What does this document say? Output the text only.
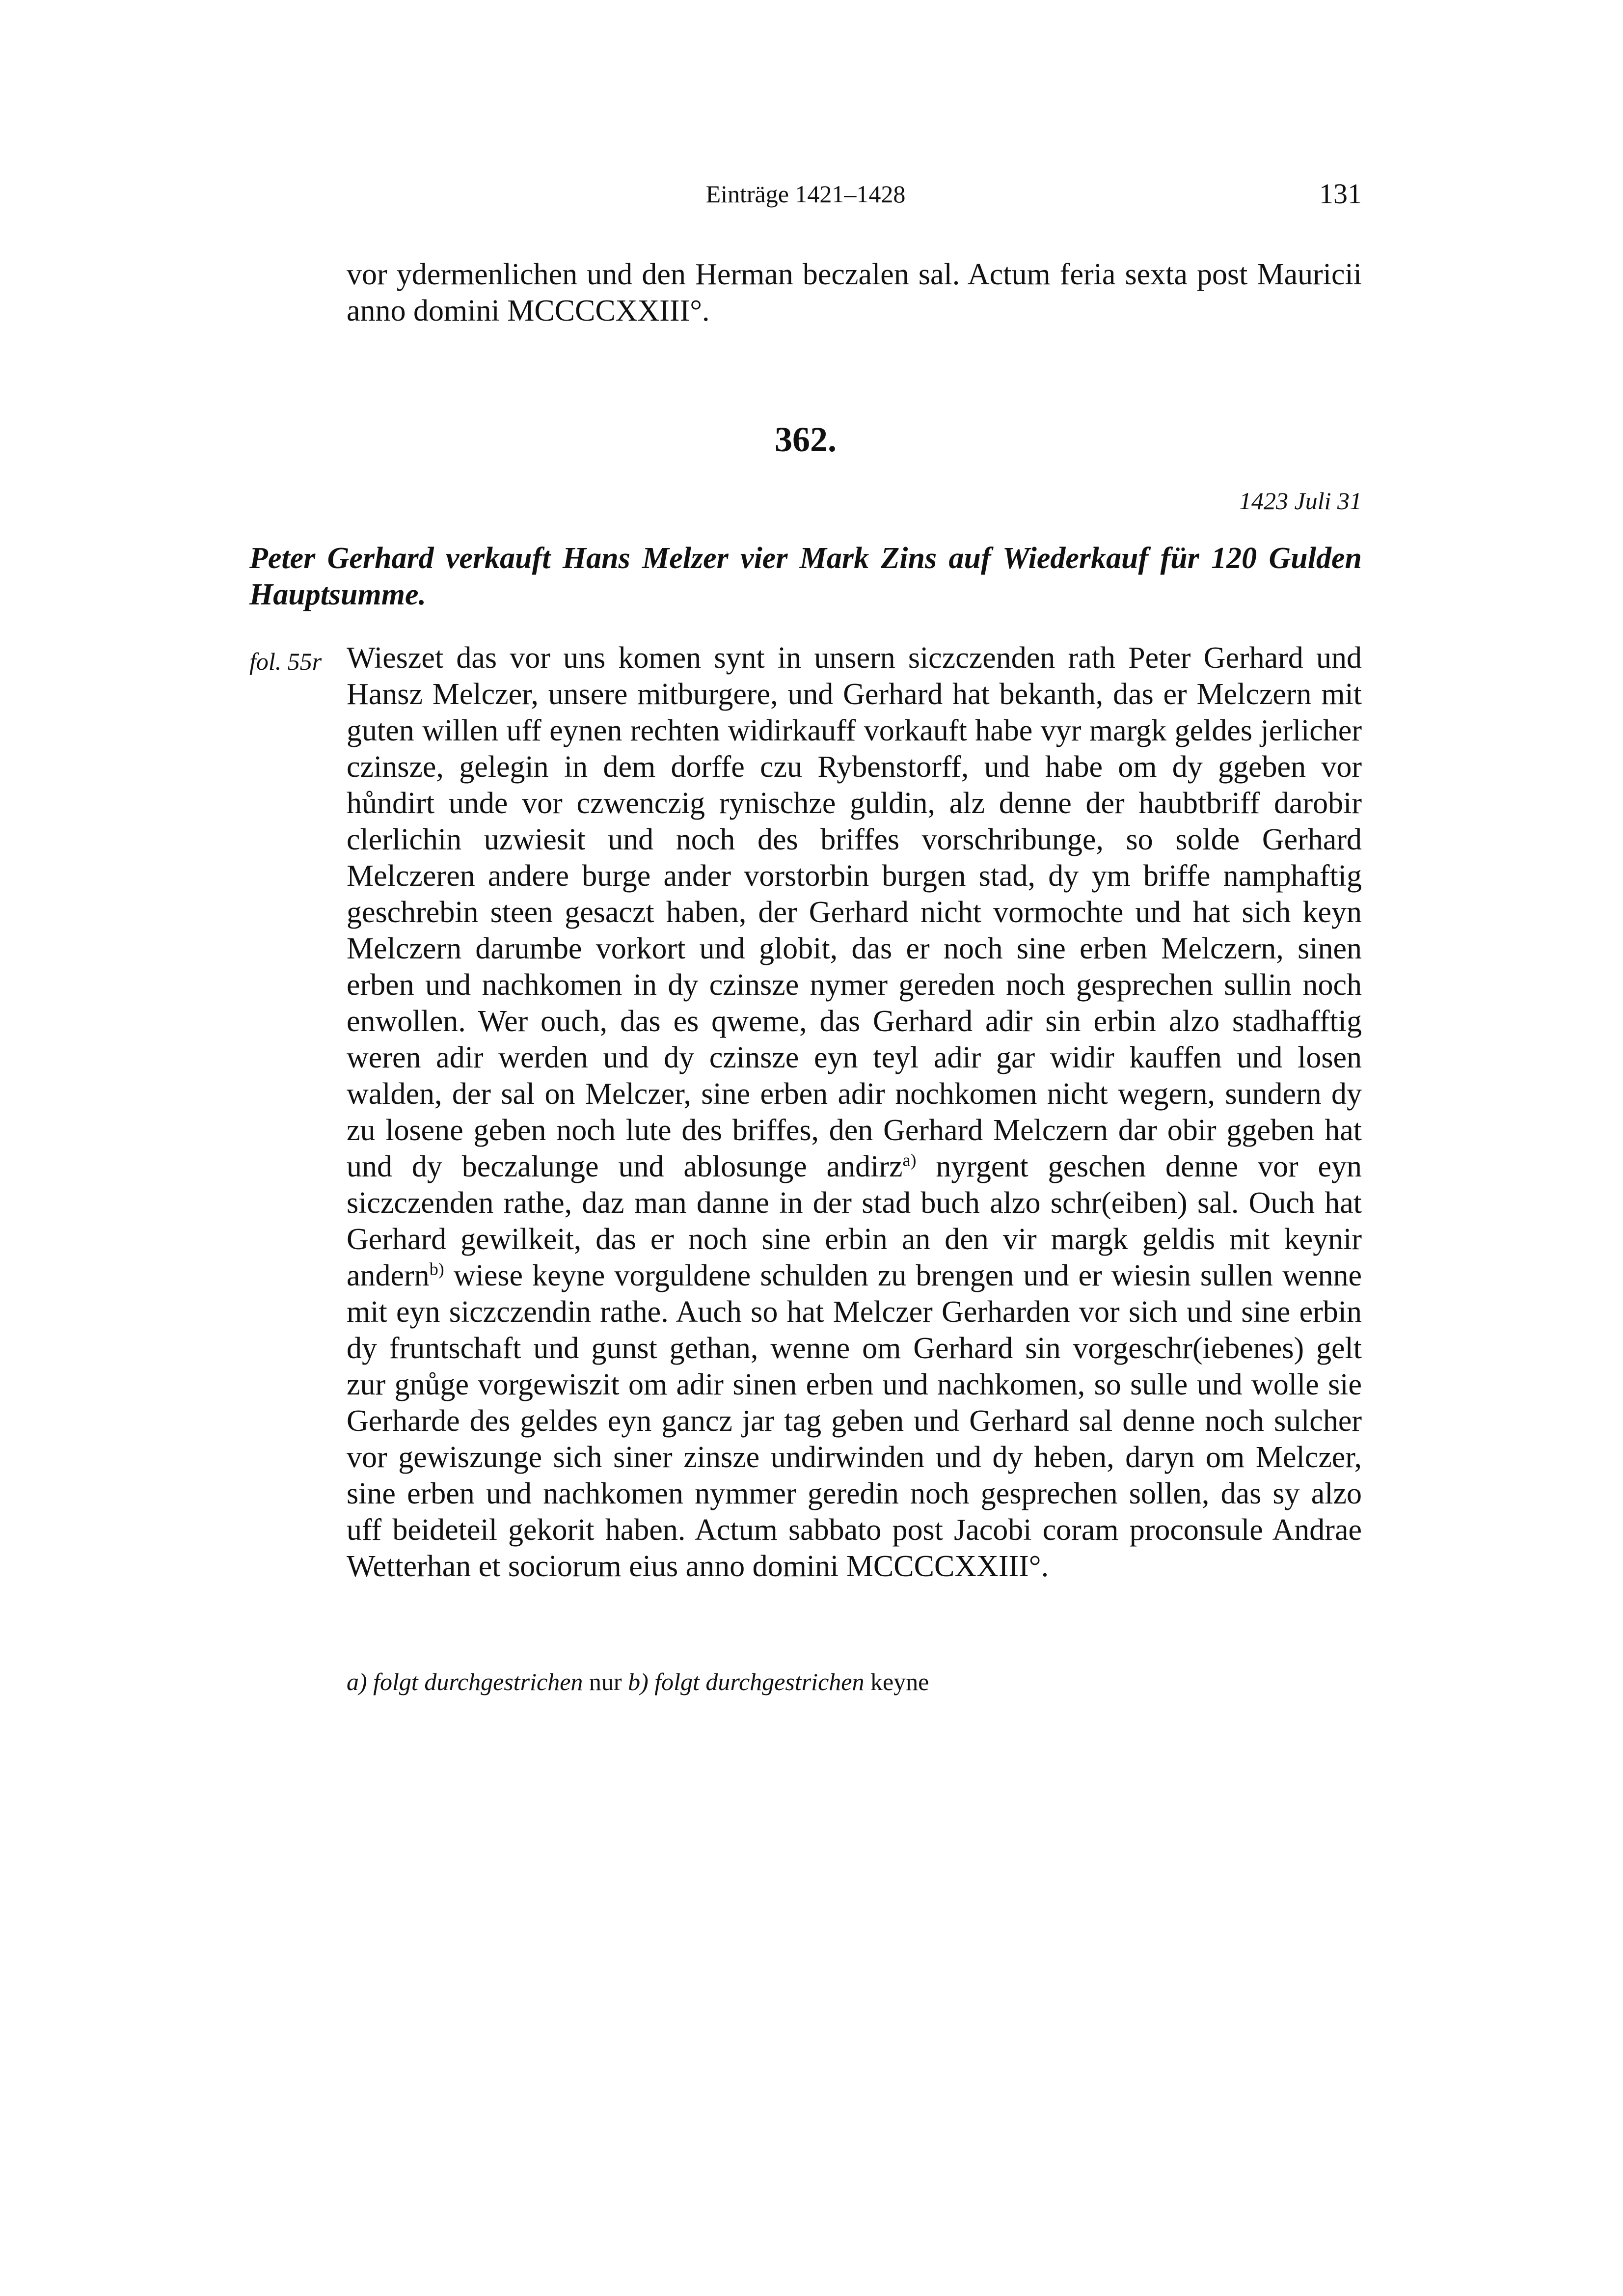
Einträge 1421–1428	131

vor ydermenlichen und den Herman beczalen sal. Actum feria sexta post Mauricii anno domini MCCCCXXIII°.

362.
1423 Juli 31

Peter Gerhard verkauft Hans Melzer vier Mark Zins auf Wiederkauf für 120 Gulden Hauptsumme.

fol. 55r Wieszet das vor uns komen synt in unsern siczczenden rath Peter Gerhard und Hansz Melczer, unsere mitburgere, und Gerhard hat bekanth, das er Melczern mit guten willen uff eynen rechten widirkauff vorkauft habe vyr margk geldes jerlicher czinsze, gelegin in dem dorffe czu Rybenstorff, und habe om dy ggeben vor hůndirt unde vor czwenczig rynischze guldin, alz denne der haubtbriff darobir clerlichin uzwiesit und noch des briffes vorschribunge, so solde Gerhard Melczeren andere burge ander vorstorbin burgen stad, dy ym briffe namphaftig geschrebin steen gesaczt haben, der Gerhard nicht vormochte und hat sich keyn Melczern darumbe vorkort und globit, das er noch sine erben Melczern, sinen erben und nachkomen in dy czinsze nymer gereden noch gesprechen sullin noch enwollen. Wer ouch, das es qweme, das Gerhard adir sin erbin alzo stadhafftig weren adir werden und dy czinsze eyn teyl adir gar widir kauffen und losen walden, der sal on Melczer, sine erben adir nochkomen nicht wegern, sundern dy zu losene geben noch lute des briffes, den Gerhard Melczern dar obir ggeben hat und dy beczalunge und ablosunge andirz$^{a)}$ nyrgent geschen denne vor eyn siczczenden rathe, daz man danne in der stad buch alzo schr(eiben) sal. Ouch hat Gerhard gewilkeit, das er noch sine erbin an den vir margk geldis mit keynir andern$^{b)}$ wiese keyne vorguldene schulden zu brengen und er wiesin sullen wenne mit eyn siczczendin rathe. Auch so hat Melczer Gerharden vor sich und sine erbin dy fruntschaft und gunst gethan, wenne om Gerhard sin vorgeschr(iebenes) gelt zur gnůge vorgewiszit om adir sinen erben und nachkomen, so sulle und wolle sie Gerharde des geldes eyn gancz jar tag geben und Gerhard sal denne noch sulcher vor gewiszunge sich siner zinsze undirwinden und dy heben, daryn om Melczer, sine erben und nachkomen nymmer geredin noch gesprechen sollen, das sy alzo uff beideteil gekorit haben. Actum sabbato post Jacobi coram proconsule Andrae Wetterhan et sociorum eius anno domini MCCCCXXIII°.

a) folgt durchgestrichen nur b) folgt durchgestrichen keyne
